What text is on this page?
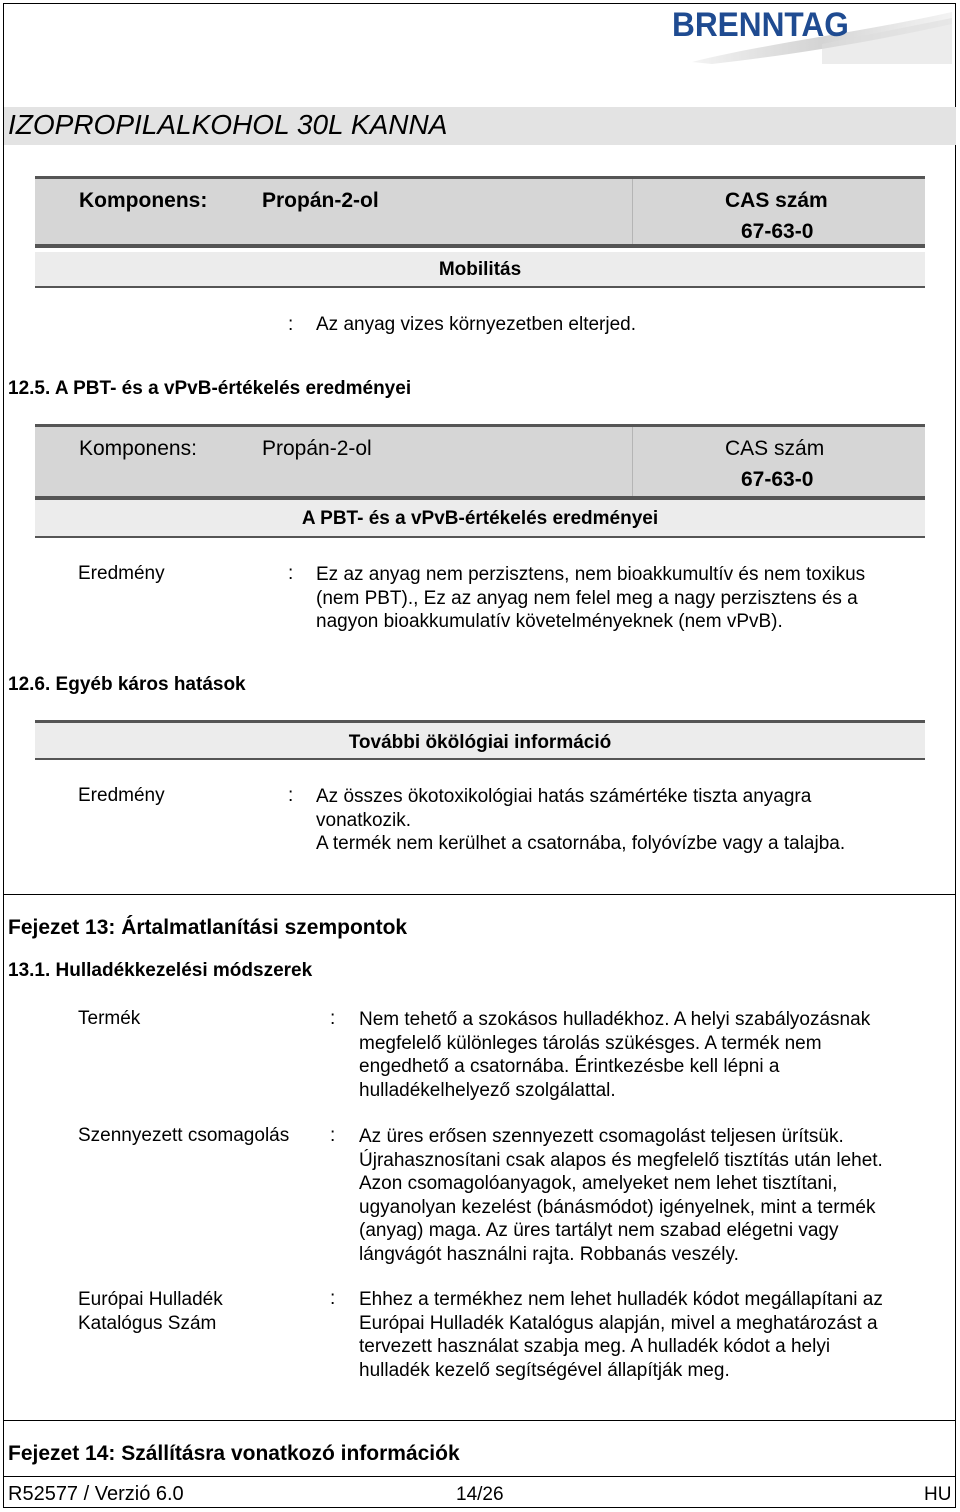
BRENNTAG
IZOPROPILALKOHOL 30L KANNA
Komponens:	Propán-2-ol	CAS szám
67-63-0
Mobilitás
: Az anyag vizes környezetben elterjed.
12.5. A PBT- és a vPvB-értékelés eredményei
Komponens:	Propán-2-ol	CAS szám
67-63-0
A PBT- és a vPvB-értékelés eredményei
Eredmény	: Ez az anyag nem perzisztens, nem bioakkumultív és nem toxikus
(nem PBT)., Ez az anyag nem felel meg a nagy perzisztens és a
nagyon bioakkumulatív követelményeknek (nem vPvB).
12.6. Egyéb káros hatások
További ökölógiai információ
Eredmény	: Az összes ökotoxikológiai hatás számértéke tiszta anyagra
vonatkozik.
A termék nem kerülhet a csatornába, folyóvízbe vagy a talajba.
Fejezet 13: Ártalmatlanítási szempontok
13.1. Hulladékkezelési módszerek
Termék	: Nem tehető a szokásos hulladékhoz. A helyi szabályozásnak
megfelelő különleges tárolás szükésges. A termék nem
engedhető a csatornába. Érintkezésbe kell lépni a
hulladékelhelyező szolgálattal.
Szennyezett csomagolás : Az üres erősen szennyezett csomagolást teljesen ürítsük.
Újrahasznosítani csak alapos és megfelelő tisztítás után lehet.
Azon csomagolóanyagok, amelyeket nem lehet tisztítani,
ugyanolyan kezelést (bánásmódot) igényelnek, mint a termék
(anyag) maga. Az üres tartályt nem szabad elégetni vagy
lángvágót használni rajta. Robbanás veszély.
Európai Hulladék
Katalógus Szám
: Ehhez a termékhez nem lehet hulladék kódot megállapítani az
Európai Hulladék Katalógus alapján, mivel a meghatározást a
tervezett használat szabja meg. A hulladék kódot a helyi
hulladék kezelő segítségével állapítják meg.
Fejezet 14: Szállításra vonatkozó információk
R52577 / Verzió 6.0	14/26	HU
